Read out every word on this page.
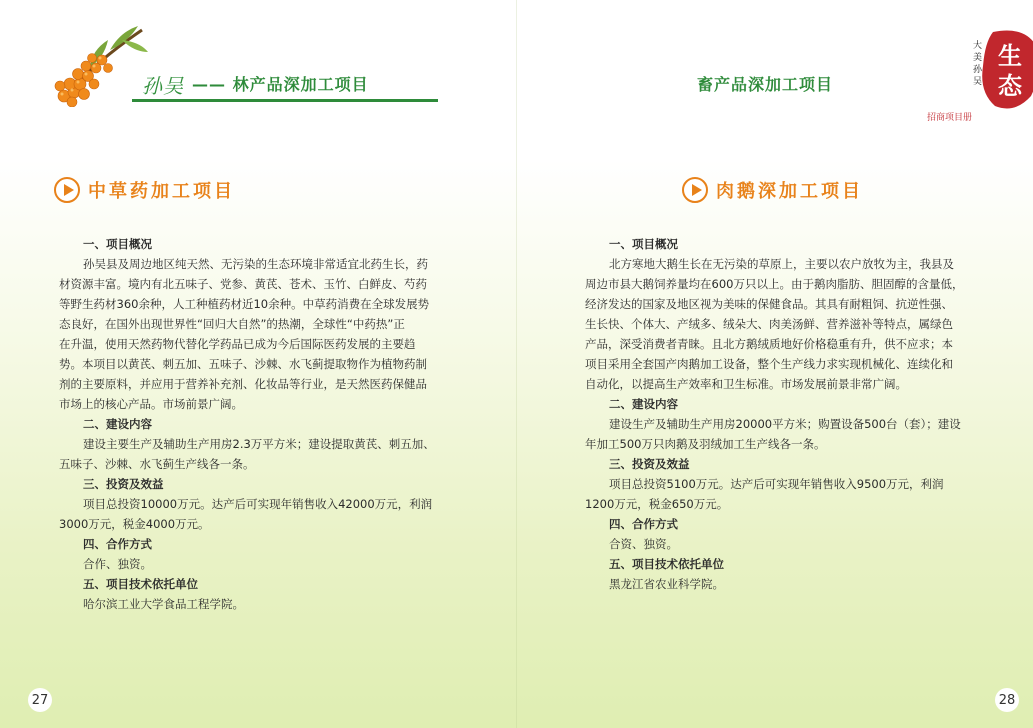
孙吴 —— 林产品深加工项目
中草药加工项目
一、项目概况
孙吴县及周边地区纯天然、无污染的生态环境非常适宜北药生长，药
材资源丰富。境内有北五味子、党参、黄芪、苍术、玉竹、白鲜皮、芍药
等野生药材360余种，人工种植药材近10余种。中草药消费在全球发展势
态良好，在国外出现世界性“回归大自然”的热潮，全球性“中药热”正
在升温，使用天然药物代替化学药品已成为今后国际医药发展的主要趋
势。本项目以黄芪、刺五加、五味子、沙棘、水飞蓟提取物作为植物药制
剂的主要原料，并应用于营养补充剂、化妆品等行业，是天然医药保健品
市场上的核心产品。市场前景广阔。
二、建设内容
建设主要生产及辅助生产用房2.3万平方米；建设提取黄芪、刺五加、
五味子、沙棘、水飞蓟生产线各一条。
三、投资及效益
项目总投资10000万元。达产后可实现年销售收入42000万元，利润
3000万元，税金4000万元。
四、合作方式
合作、独资。
五、项目技术依托单位
哈尔滨工业大学食品工程学院。
27
畜产品深加工项目
生
态
大
美
孙
吴
招商项目册
肉鹅深加工项目
一、项目概况
北方寒地大鹅生长在无污染的草原上，主要以农户放牧为主，我县及
周边市县大鹅饲养量均在600万只以上。由于鹅肉脂肪、胆固醇的含量低，
经济发达的国家及地区视为美味的保健食品。其具有耐粗饲、抗逆性强、
生长快、个体大、产绒多、绒朵大、肉美汤鲜、营养滋补等特点，属绿色
产品，深受消费者青睐。且北方鹅绒质地好价格稳重有升，供不应求；本
项目采用全套国产肉鹅加工设备，整个生产线力求实现机械化、连续化和
自动化，以提高生产效率和卫生标准。市场发展前景非常广阔。
二、建设内容
建设生产及辅助生产用房20000平方米；购置设备500台（套）；建设
年加工500万只肉鹅及羽绒加工生产线各一条。
三、投资及效益
项目总投资5100万元。达产后可实现年销售收入9500万元，利润
1200万元，税金650万元。
四、合作方式
合资、独资。
五、项目技术依托单位
黑龙江省农业科学院。
28
